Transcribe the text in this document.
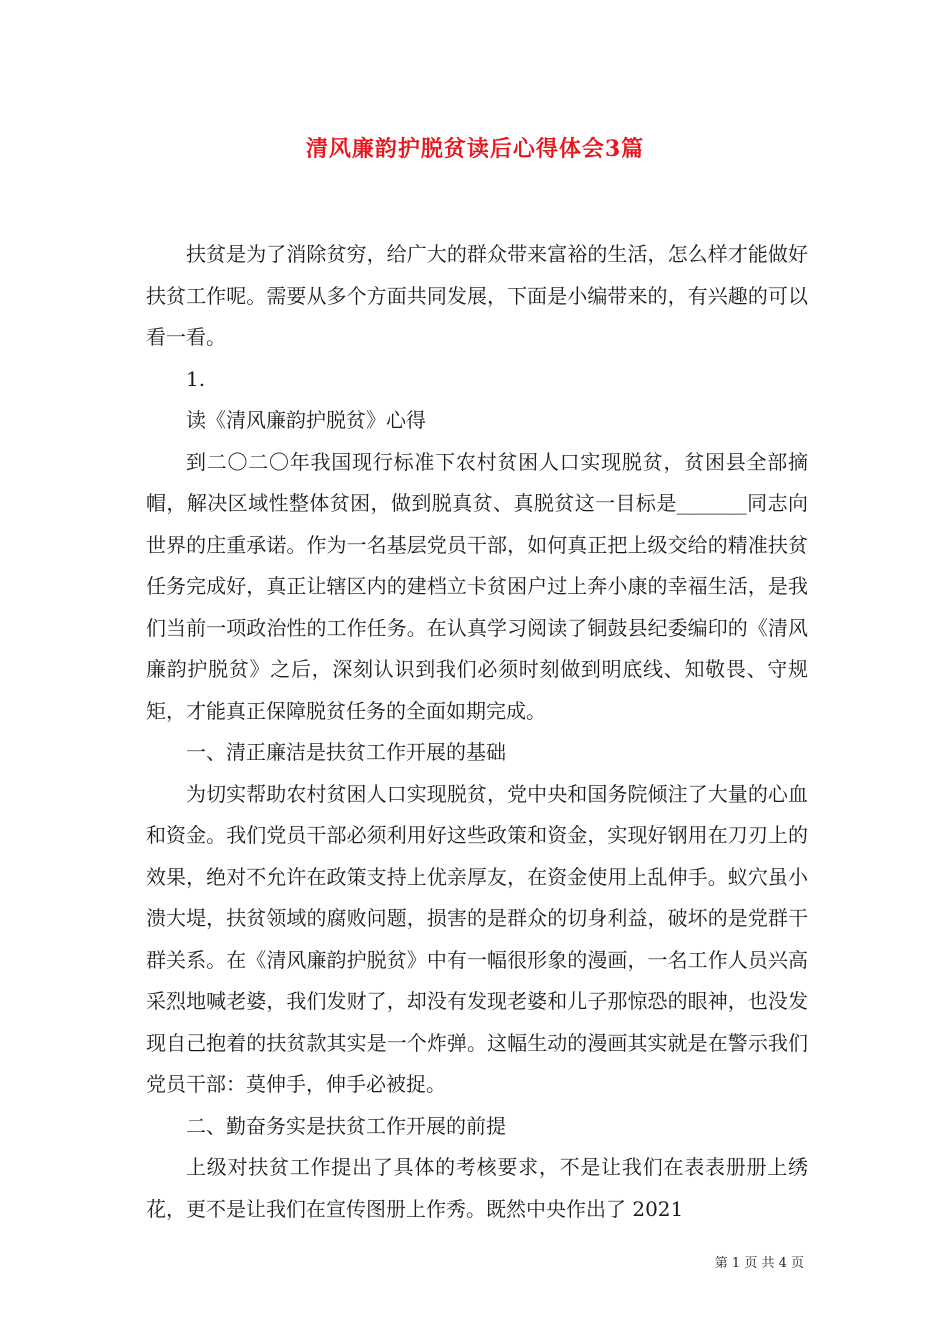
清风廉韵护脱贫读后心得体会3篇

扶贫是为了消除贫穷，给广大的群众带来富裕的生活，怎么样才能做好扶贫工作呢。需要从多个方面共同发展，下面是小编带来的，有兴趣的可以看一看。

1.

读《清风廉韵护脱贫》心得

到二〇二〇年我国现行标准下农村贫困人口实现脱贫，贫困县全部摘帽，解决区域性整体贫困，做到脱真贫、真脱贫这一目标是_______同志向世界的庄重承诺。作为一名基层党员干部，如何真正把上级交给的精准扶贫任务完成好，真正让辖区内的建档立卡贫困户过上奔小康的幸福生活，是我们当前一项政治性的工作任务。在认真学习阅读了铜鼓县纪委编印的《清风廉韵护脱贫》之后，深刻认识到我们必须时刻做到明底线、知敬畏、守规矩，才能真正保障脱贫任务的全面如期完成。

一、清正廉洁是扶贫工作开展的基础

为切实帮助农村贫困人口实现脱贫，党中央和国务院倾注了大量的心血和资金。我们党员干部必须利用好这些政策和资金，实现好钢用在刀刃上的效果，绝对不允许在政策支持上优亲厚友，在资金使用上乱伸手。蚁穴虽小溃大堤，扶贫领域的腐败问题，损害的是群众的切身利益，破坏的是党群干群关系。在《清风廉韵护脱贫》中有一幅很形象的漫画，一名工作人员兴高采烈地喊老婆，我们发财了，却没有发现老婆和儿子那惊恐的眼神，也没发现自己抱着的扶贫款其实是一个炸弹。这幅生动的漫画其实就是在警示我们党员干部：莫伸手，伸手必被捉。

二、勤奋务实是扶贫工作开展的前提

上级对扶贫工作提出了具体的考核要求，不是让我们在表表册册上绣花，更不是让我们在宣传图册上作秀。既然中央作出了 2021

第 1 页 共 4 页
